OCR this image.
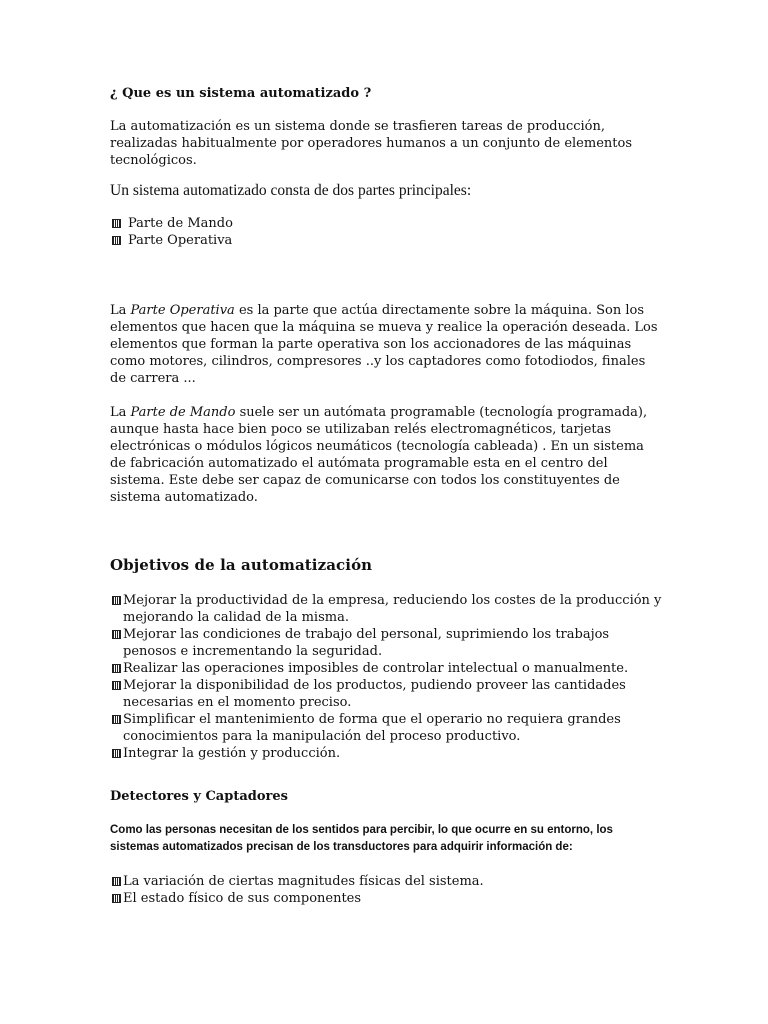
¿ Que es un sistema automatizado ?

La automatización es un sistema donde se trasfieren tareas de producción, realizadas habitualmente por operadores humanos a un conjunto de elementos tecnológicos.

Un sistema automatizado consta de dos partes principales:

Parte de Mando
Parte Operativa

La Parte Operativa es la parte que actúa directamente sobre la máquina. Son los elementos que hacen que la máquina se mueva y realice la operación deseada. Los elementos que forman la parte operativa son los accionadores de las máquinas como motores, cilindros, compresores ..y los captadores como fotodiodos, finales de carrera ...

La Parte de Mando suele ser un autómata programable (tecnología programada), aunque hasta hace bien poco se utilizaban relés electromagnéticos, tarjetas electrónicas o módulos lógicos neumáticos (tecnología cableada) . En un sistema de fabricación automatizado el autómata programable esta en el centro del sistema. Este debe ser capaz de comunicarse con todos los constituyentes de sistema automatizado.

Objetivos de la automatización

Mejorar la productividad de la empresa, reduciendo los costes de la producción y mejorando la calidad de la misma.
Mejorar las condiciones de trabajo del personal, suprimiendo los trabajos penosos e incrementando la seguridad.
Realizar las operaciones imposibles de controlar intelectual o manualmente.
Mejorar la disponibilidad de los productos, pudiendo proveer las cantidades necesarias en el momento preciso.
Simplificar el mantenimiento de forma que el operario no requiera grandes conocimientos para la manipulación del proceso productivo.
Integrar la gestión y producción.

Detectores y Captadores

Como las personas necesitan de los sentidos para percibir, lo que ocurre en su entorno, los sistemas automatizados precisan de los transductores para adquirir información de:

La variación de ciertas magnitudes físicas del sistema.
El estado físico de sus componentes
